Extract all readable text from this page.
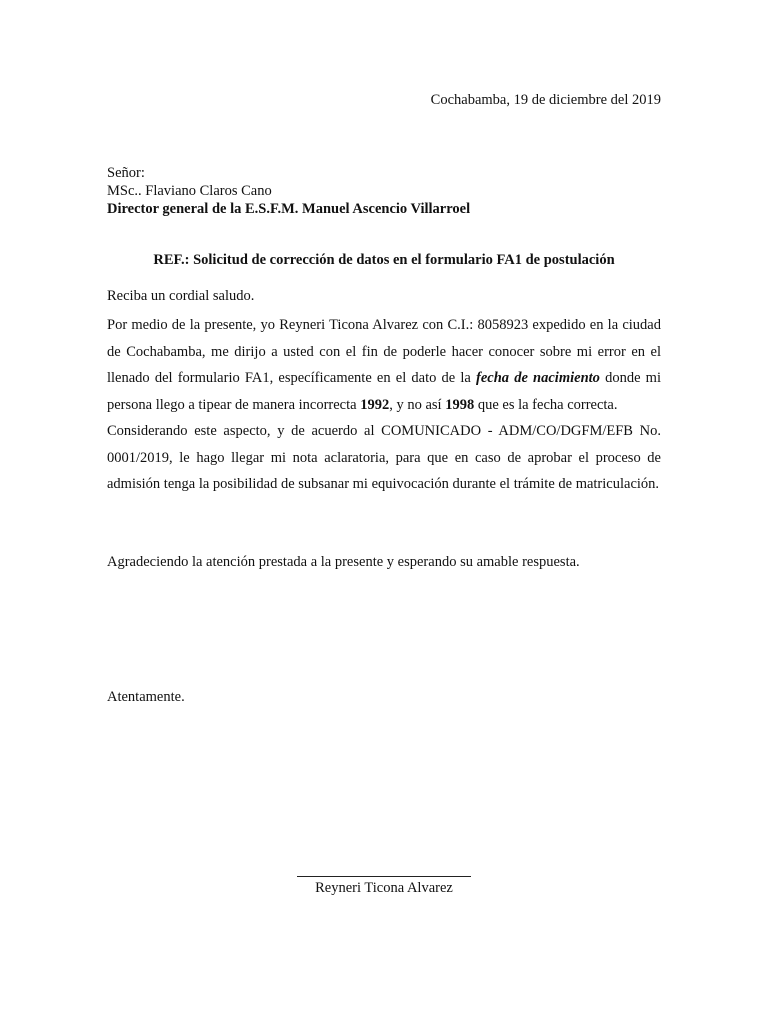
Cochabamba, 19 de diciembre del 2019
Señor:
MSc.. Flaviano Claros Cano
Director general de la E.S.F.M. Manuel Ascencio Villarroel
REF.: Solicitud de corrección de datos en el formulario FA1 de postulación
Reciba un cordial saludo.

Por medio de la presente, yo Reyneri Ticona Alvarez con C.I.: 8058923 expedido en la ciudad de Cochabamba, me dirijo a usted con el fin de poderle hacer conocer sobre mi error en el llenado del formulario FA1, específicamente en el dato de la fecha de nacimiento donde mi persona llego a tipear de manera incorrecta 1992, y no así 1998 que es la fecha correcta.

Considerando este aspecto, y de acuerdo al COMUNICADO - ADM/CO/DGFM/EFB No. 0001/2019, le hago llegar mi nota aclaratoria, para que en caso de aprobar el proceso de admisión tenga la posibilidad de subsanar mi equivocación durante el trámite de matriculación.

Agradeciendo la atención prestada a la presente y esperando su amable respuesta.
Atentamente.
Reyneri Ticona Alvarez
